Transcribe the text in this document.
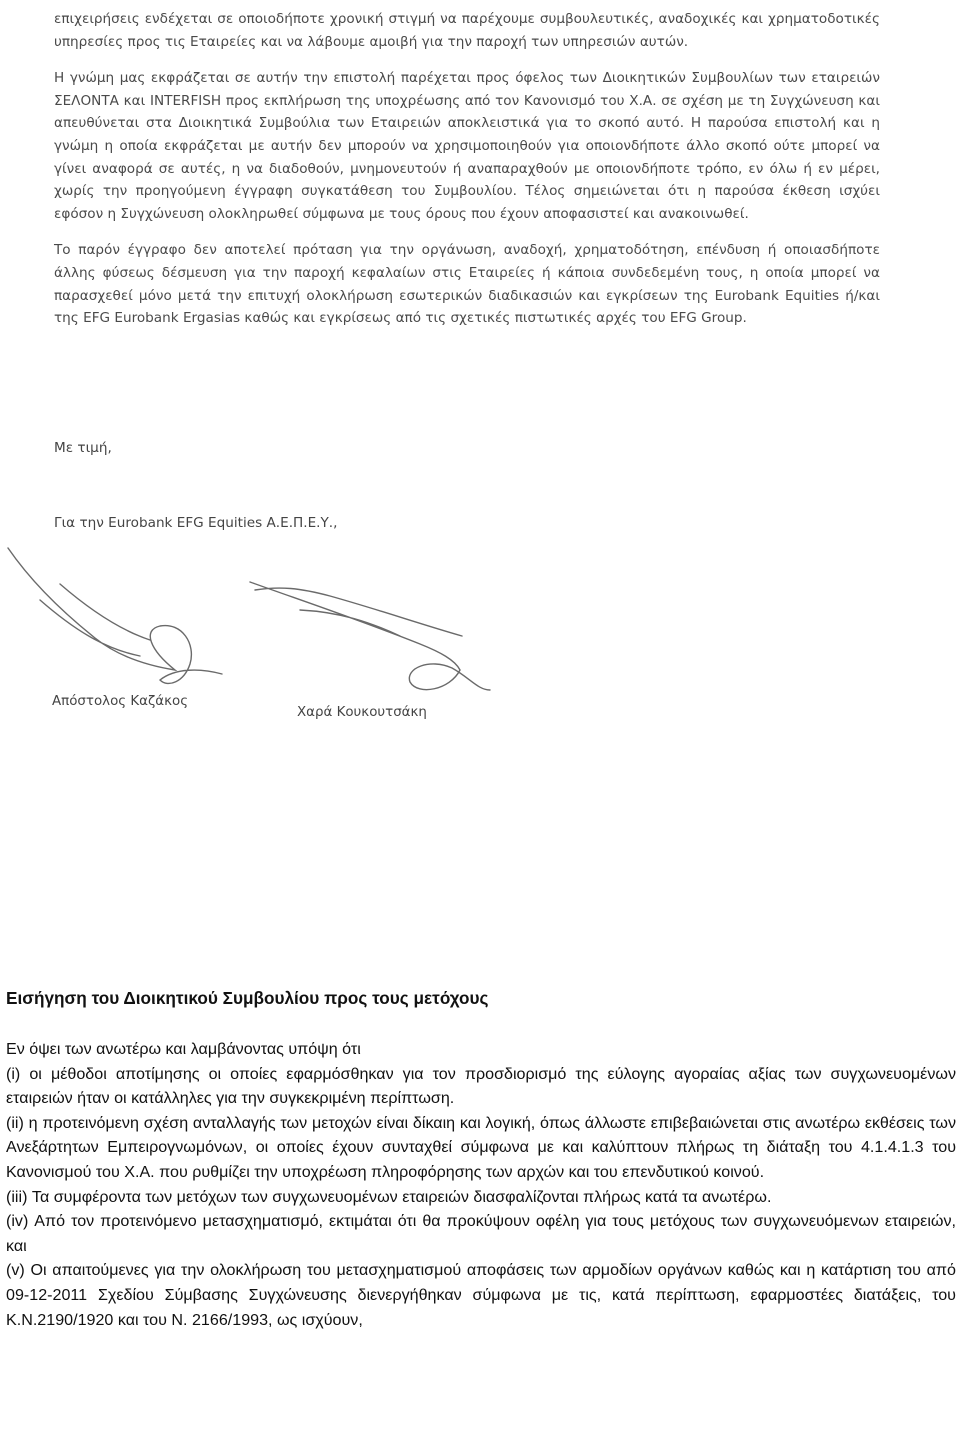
επιχειρήσεις ενδέχεται σε οποιοδήποτε χρονική στιγμή να παρέχουμε συμβουλευτικές, αναδοχικές και χρηματοδοτικές υπηρεσίες προς τις Εταιρείες και να λάβουμε αμοιβή για την παροχή των υπηρεσιών αυτών.

Η γνώμη μας εκφράζεται σε αυτήν την επιστολή παρέχεται προς όφελος των Διοικητικών Συμβουλίων των εταιρειών ΣΕΛΟΝΤΑ και INTERFISH προς εκπλήρωση της υποχρέωσης από τον Κανονισμό του Χ.Α. σε σχέση με τη Συγχώνευση και απευθύνεται στα Διοικητικά Συμβούλια των Εταιρειών αποκλειστικά για το σκοπό αυτό. Η παρούσα επιστολή και η γνώμη η οποία εκφράζεται με αυτήν δεν μπορούν να χρησιμοποιηθούν για οποιονδήποτε άλλο σκοπό ούτε μπορεί να γίνει αναφορά σε αυτές, η να διαδοθούν, μνημονευτούν ή αναπαραχθούν με οποιονδήποτε τρόπο, εν όλω ή εν μέρει, χωρίς την προηγούμενη έγγραφη συγκατάθεση του Συμβουλίου. Τέλος σημειώνεται ότι η παρούσα έκθεση ισχύει εφόσον η Συγχώνευση ολοκληρωθεί σύμφωνα με τους όρους που έχουν αποφασιστεί και ανακοινωθεί.

Το παρόν έγγραφο δεν αποτελεί πρόταση για την οργάνωση, αναδοχή, χρηματοδότηση, επένδυση ή οποιασδήποτε άλλης φύσεως δέσμευση για την παροχή κεφαλαίων στις Εταιρείες ή κάποια συνδεδεμένη τους, η οποία μπορεί να παρασχεθεί μόνο μετά την επιτυχή ολοκλήρωση εσωτερικών διαδικασιών και εγκρίσεων της Eurobank Equities ή/και της EFG Eurobank Ergasias καθώς και εγκρίσεως από τις σχετικές πιστωτικές αρχές του EFG Group.

Με τιμή,
Για την Eurobank EFG Equities Α.Ε.Π.Ε.Υ.,
Απόστολος Καζάκος
Χαρά Κουκουτσάκη
Εισήγηση του Διοικητικού Συμβουλίου προς τους μετόχους
Εν όψει των ανωτέρω και λαμβάνοντας υπόψη ότι
(i) οι μέθοδοι αποτίμησης οι οποίες εφαρμόσθηκαν για τον προσδιορισμό της εύλογης αγοραίας αξίας των συγχωνευομένων εταιρειών ήταν οι κατάλληλες για την συγκεκριμένη περίπτωση.
(ii) η προτεινόμενη σχέση ανταλλαγής των μετοχών είναι δίκαιη και λογική, όπως άλλωστε επιβεβαιώνεται στις ανωτέρω εκθέσεις των Ανεξάρτητων Εμπειρογνωμόνων, οι οποίες έχουν συνταχθεί σύμφωνα με και καλύπτουν πλήρως τη διάταξη του 4.1.4.1.3 του Κανονισμού του Χ.Α. που ρυθμίζει την υποχρέωση πληροφόρησης των αρχών και του επενδυτικού κοινού.
(iii) Τα συμφέροντα των μετόχων των συγχωνευομένων εταιρειών διασφαλίζονται πλήρως κατά τα ανωτέρω.
(iv) Από τον προτεινόμενο μετασχηματισμό, εκτιμάται ότι θα προκύψουν οφέλη για τους μετόχους των συγχωνευόμενων εταιρειών, και
(v) Οι απαιτούμενες για την ολοκλήρωση του μετασχηματισμού αποφάσεις των αρμοδίων οργάνων καθώς και η κατάρτιση του από 09-12-2011 Σχεδίου Σύμβασης Συγχώνευσης διενεργήθηκαν σύμφωνα με τις, κατά περίπτωση, εφαρμοστέες διατάξεις, του Κ.Ν.2190/1920 και του Ν. 2166/1993, ως ισχύουν,
